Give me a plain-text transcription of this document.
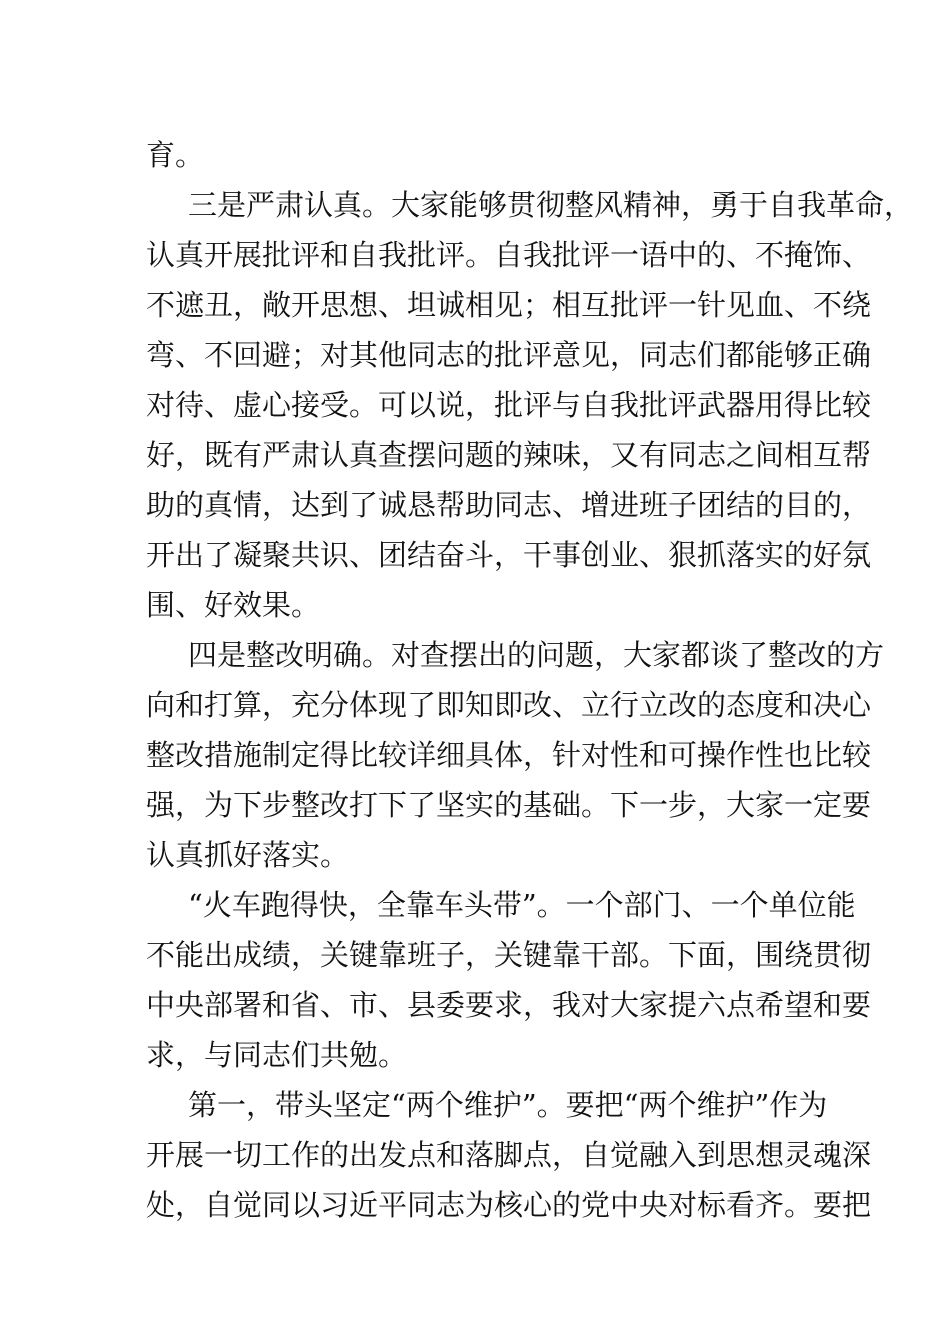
育。
三是严肃认真。大家能够贯彻整风精神，勇于自我革命，
认真开展批评和自我批评。自我批评一语中的、不掩饰、
不遮丑，敞开思想、坦诚相见；相互批评一针见血、不绕
弯、不回避；对其他同志的批评意见，同志们都能够正确
对待、虚心接受。可以说，批评与自我批评武器用得比较
好，既有严肃认真查摆问题的辣味，又有同志之间相互帮
助的真情，达到了诚恳帮助同志、增进班子团结的目的，
开出了凝聚共识、团结奋斗，干事创业、狠抓落实的好氛
围、好效果。
四是整改明确。对查摆出的问题，大家都谈了整改的方
向和打算，充分体现了即知即改、立行立改的态度和决心
整改措施制定得比较详细具体，针对性和可操作性也比较
强，为下步整改打下了坚实的基础。下一步，大家一定要
认真抓好落实。
“火车跑得快，全靠车头带”。一个部门、一个单位能
不能出成绩，关键靠班子，关键靠干部。下面，围绕贯彻
中央部署和省、市、县委要求，我对大家提六点希望和要
求，与同志们共勉。
第一，带头坚定“两个维护”。要把“两个维护”作为
开展一切工作的出发点和落脚点，自觉融入到思想灵魂深
处，自觉同以习近平同志为核心的党中央对标看齐。要把
